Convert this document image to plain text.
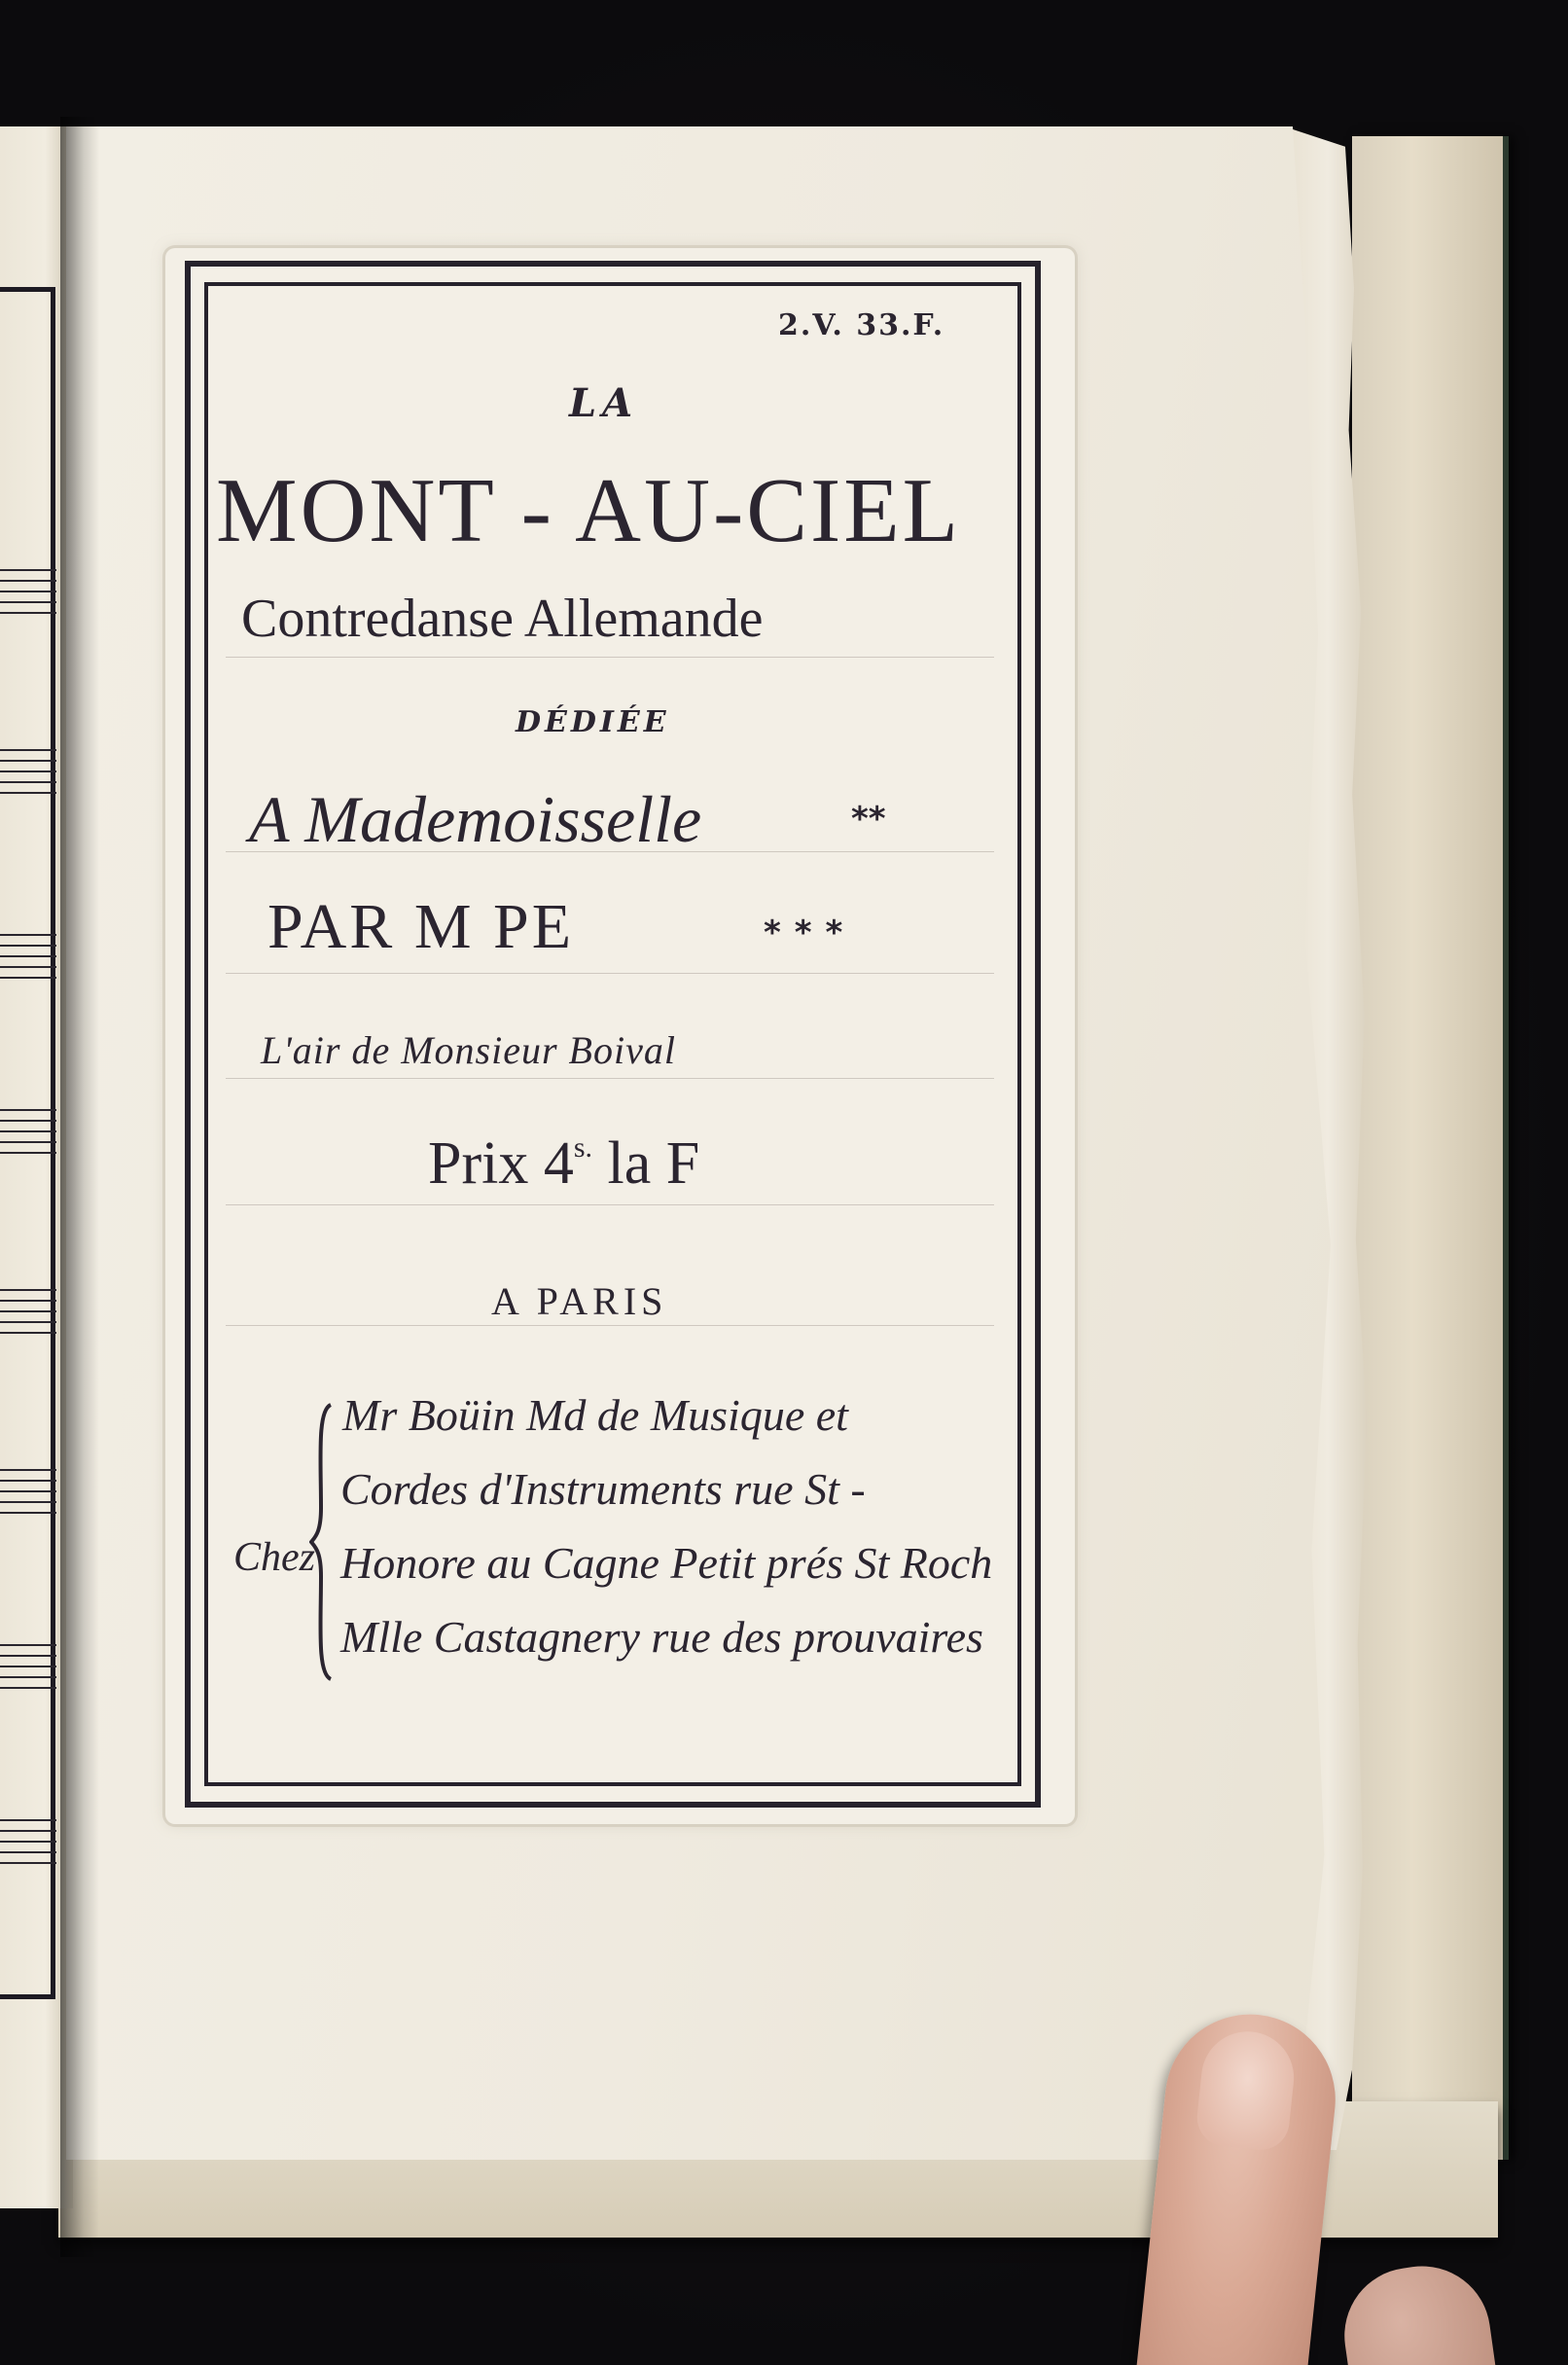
2.V. 33.F.
LA
MONT - AU-CIEL
Contredanse Allemande
DÉDIÉE
A Mademoisselle	**
PAR M PE	***
L'air de Monsieur Boival
Prix $4^{s.}$ la F
A PARIS
Chez
Mr Boüin Md de Musique et
Cordes d'Instruments rue St -
Honore au Cagne Petit prés St Roch
Mlle Castagnery rue des prouvaires
